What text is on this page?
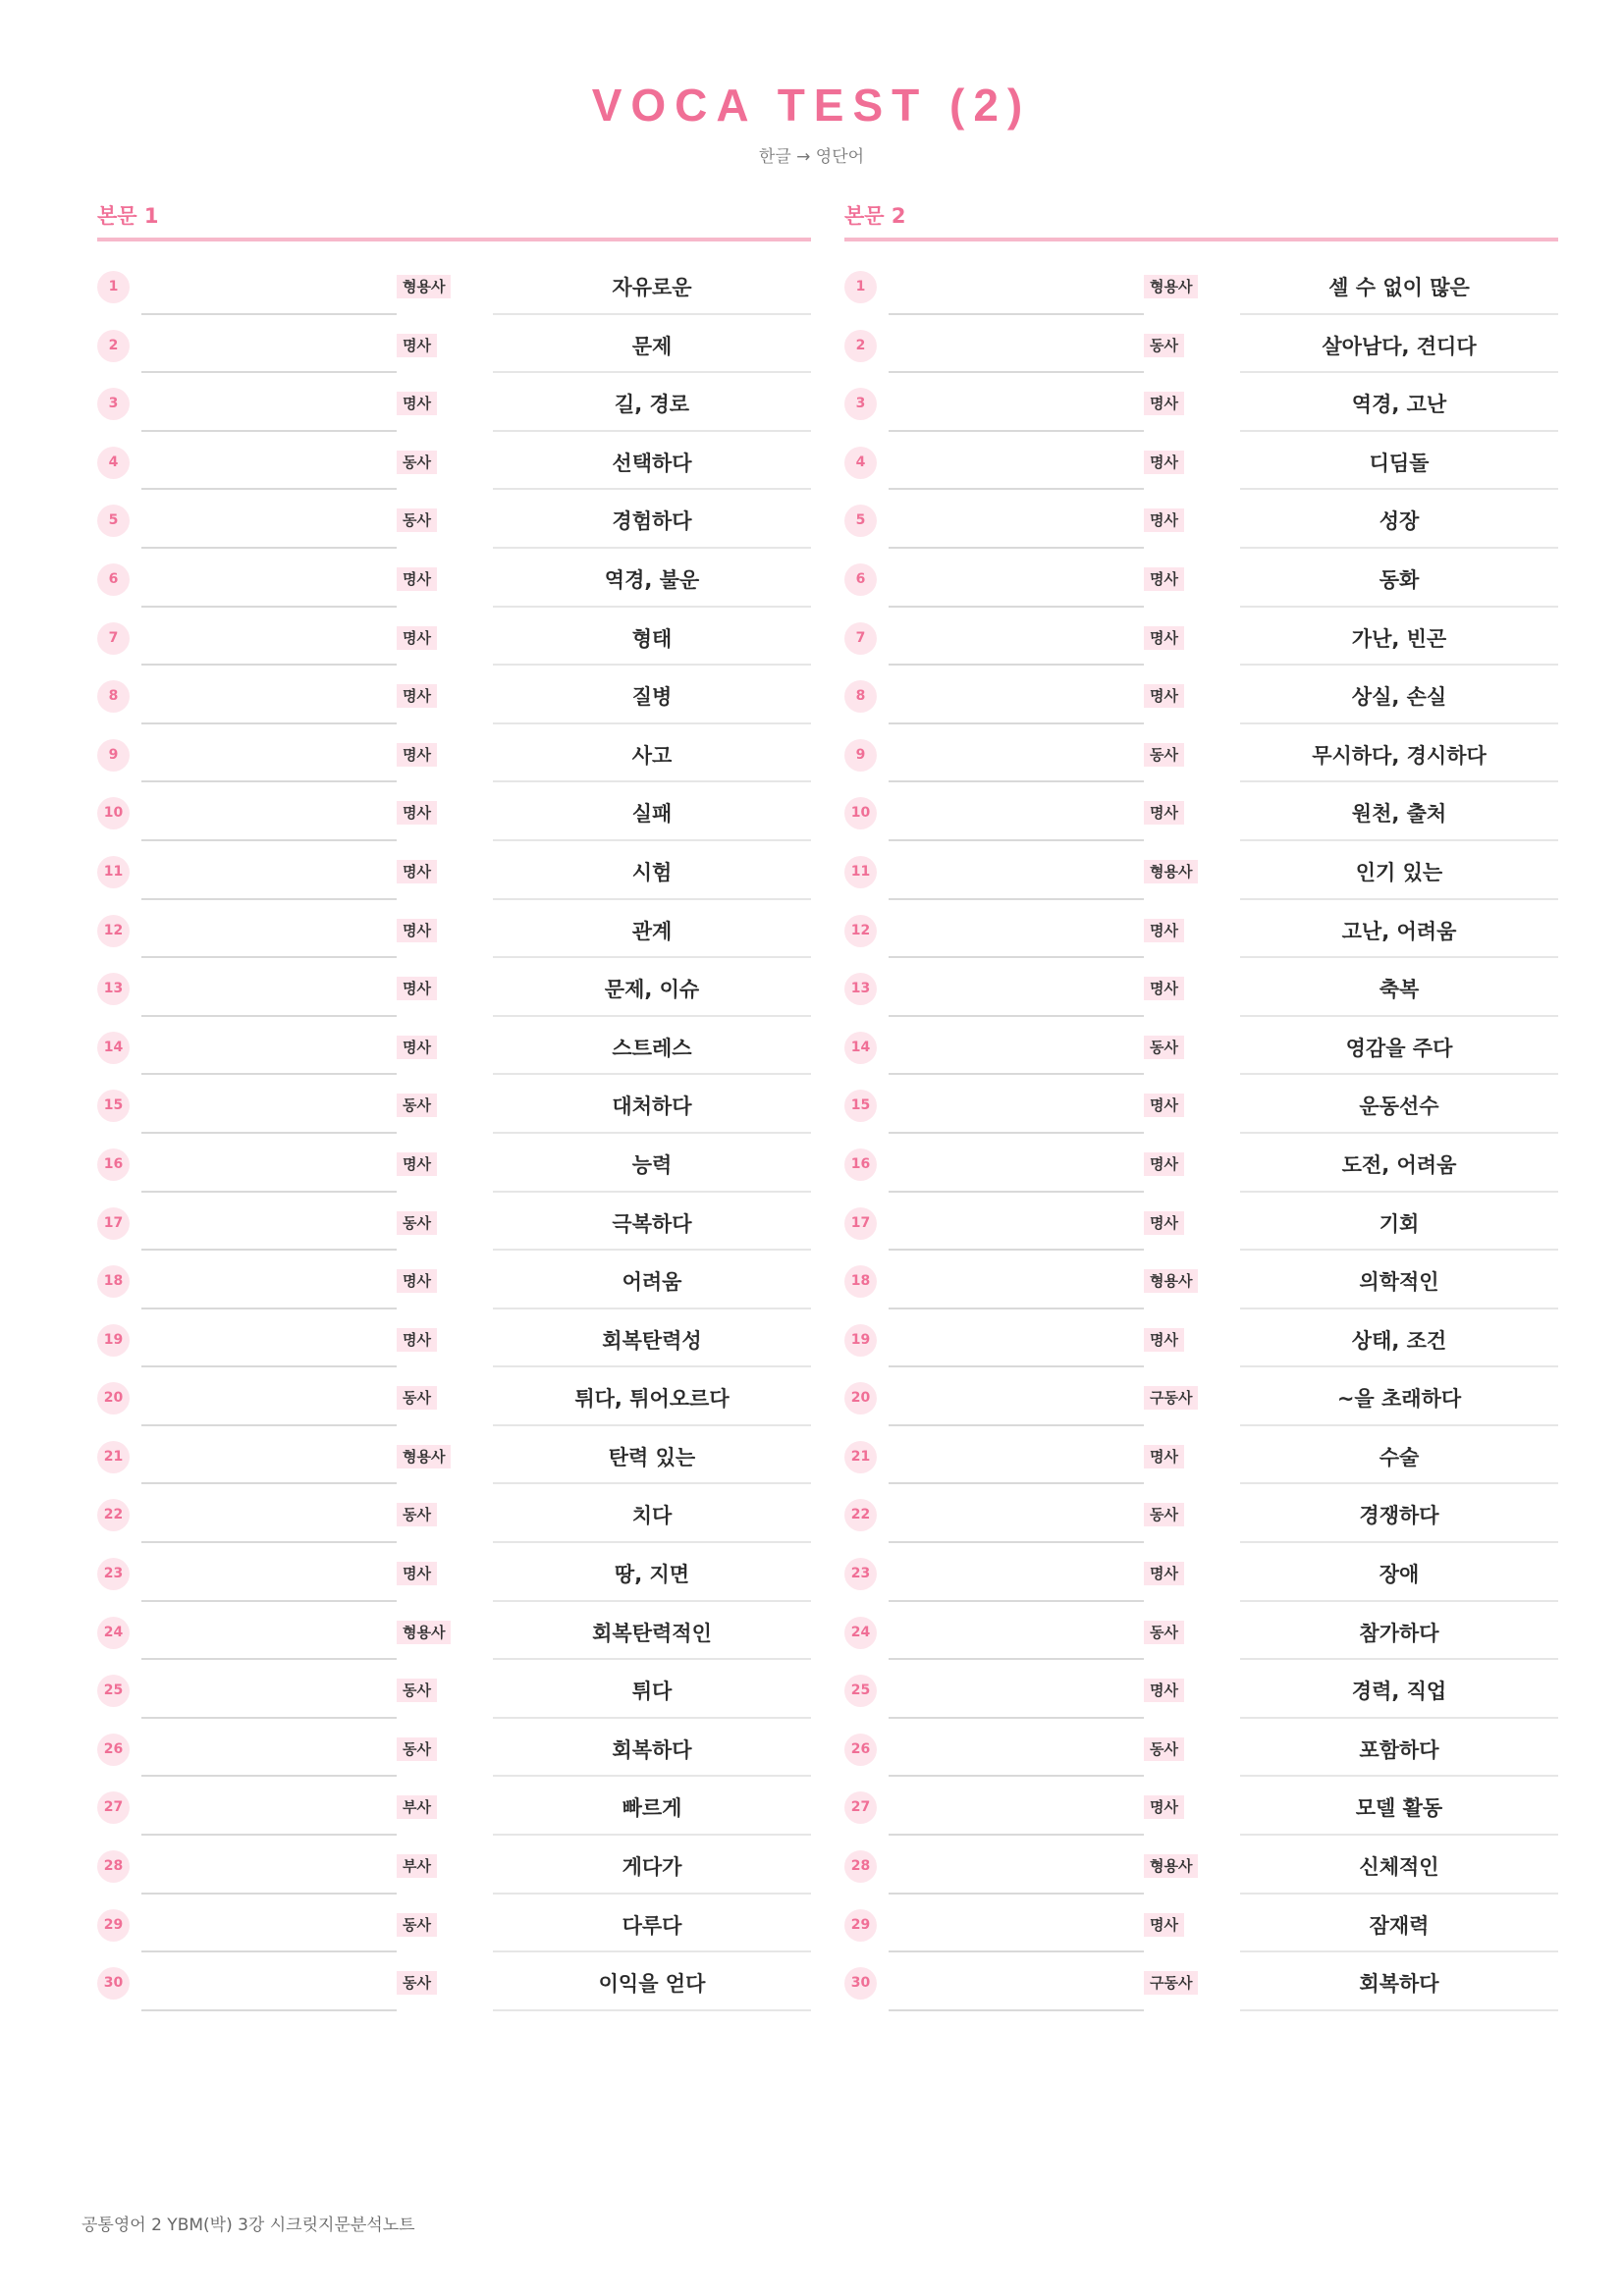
VOCA TEST (2)
한글 → 영단어
본문 1
1	형용사	자유로운
2	명사	문제
3	명사	길, 경로
4	동사	선택하다
5	동사	경험하다
6	명사	역경, 불운
7	명사	형태
8	명사	질병
9	명사	사고
10	명사	실패
11	명사	시험
12	명사	관계
13	명사	문제, 이슈
14	명사	스트레스
15	동사	대처하다
16	명사	능력
17	동사	극복하다
18	명사	어려움
19	명사	회복탄력성
20	동사	튀다, 튀어오르다
21	형용사	탄력 있는
22	동사	치다
23	명사	땅, 지면
24	형용사	회복탄력적인
25	동사	튀다
26	동사	회복하다
27	부사	빠르게
28	부사	게다가
29	동사	다루다
30	동사	이익을 얻다
본문 2
1	형용사	셀 수 없이 많은
2	동사	살아남다, 견디다
3	명사	역경, 고난
4	명사	디딤돌
5	명사	성장
6	명사	동화
7	명사	가난, 빈곤
8	명사	상실, 손실
9	동사	무시하다, 경시하다
10	명사	원천, 출처
11	형용사	인기 있는
12	명사	고난, 어려움
13	명사	축복
14	동사	영감을 주다
15	명사	운동선수
16	명사	도전, 어려움
17	명사	기회
18	형용사	의학적인
19	명사	상태, 조건
20	구동사	~을 초래하다
21	명사	수술
22	동사	경쟁하다
23	명사	장애
24	동사	참가하다
25	명사	경력, 직업
26	동사	포함하다
27	명사	모델 활동
28	형용사	신체적인
29	명사	잠재력
30	구동사	회복하다
공통영어 2 YBM(박) 3강 시크릿지문분석노트
